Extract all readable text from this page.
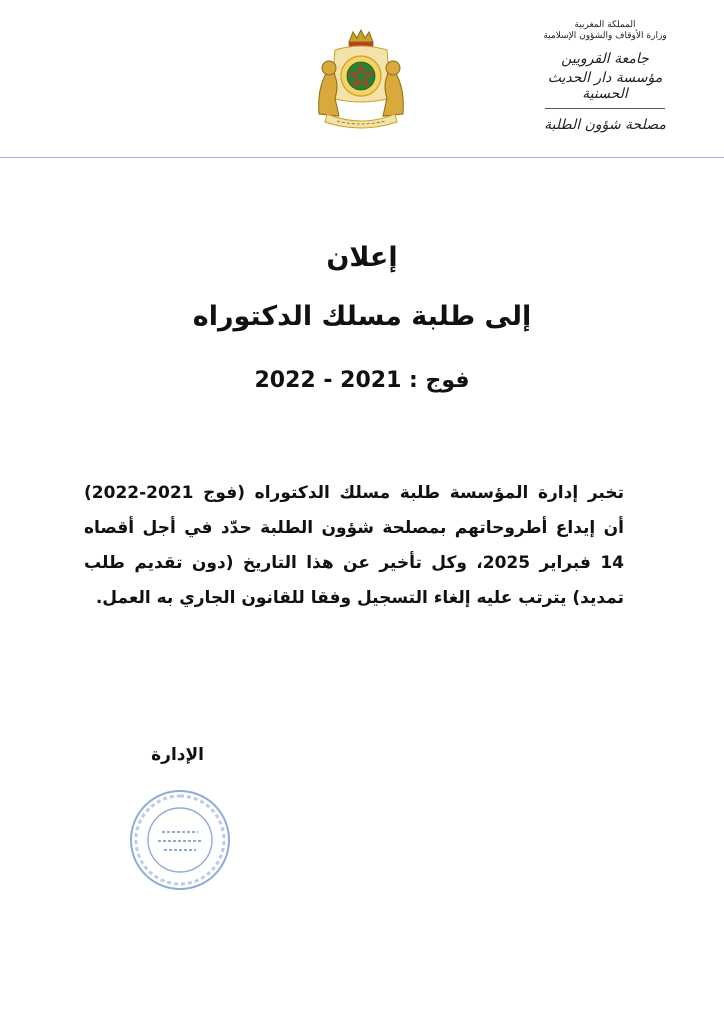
المملكة المغربية
وزارة الأوقاف والشؤون الإسلامية
جامعة القرويين
مؤسسة دار الحديث الحسنية
مصلحة شؤون الطلبة
إعلان
إلى طلبة مسلك الدكتوراه
فوج : 2021 - 2022
تخبر إدارة المؤسسة طلبة مسلك الدكتوراه (فوج 2021-2022)
أن إيداع أطروحاتهم بمصلحة شؤون الطلبة حدّد في أجل أقصاه
14 فبراير 2025، وكل تأخير عن هذا التاريخ (دون تقديم طلب
تمديد) يترتب عليه إلغاء التسجيل وفقا للقانون الجاري به العمل.
الإدارة
